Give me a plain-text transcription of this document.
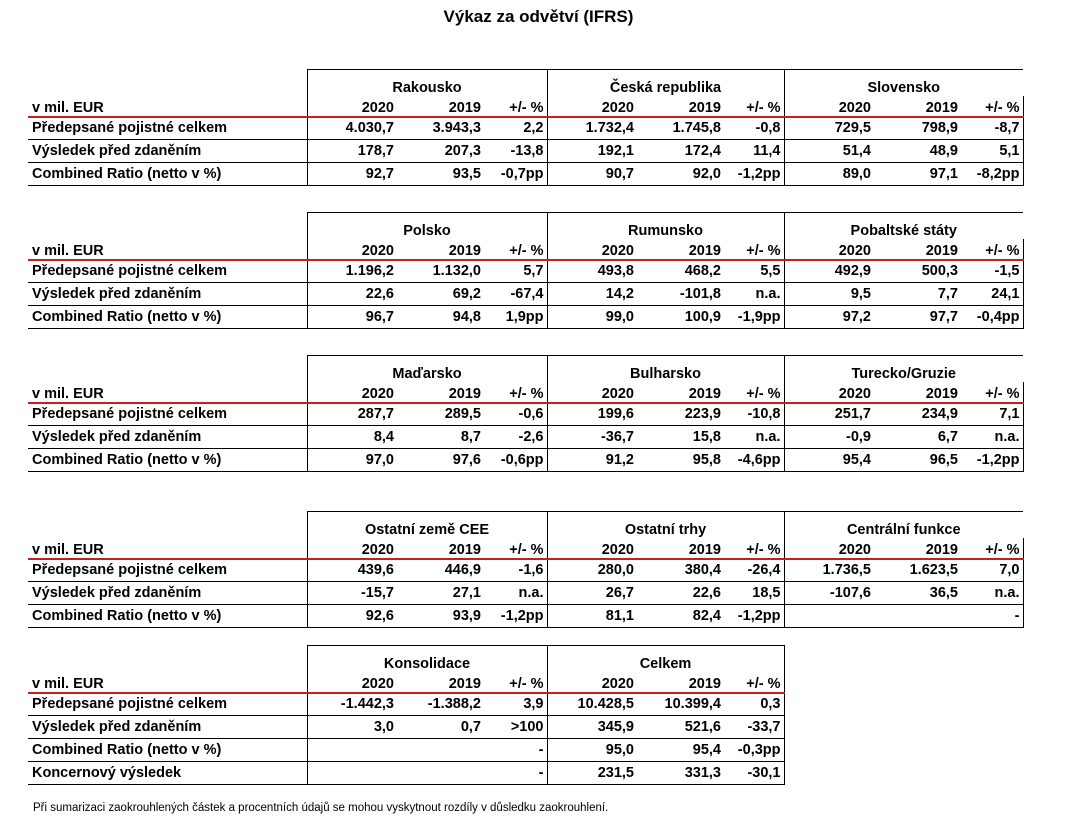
Výkaz za odvětví (IFRS)
	Rakousko			Česká republika			Slovensko		
v mil. EUR	2020	2019	+/- %	2020	2019	+/- %	2020	2019	+/- %
Předepsané pojistné celkem	4.030,7	3.943,3	2,2	1.732,4	1.745,8	-0,8	729,5	798,9	-8,7
Výsledek před zdaněním	178,7	207,3	-13,8	192,1	172,4	11,4	51,4	48,9	5,1
Combined Ratio (netto v %)	92,7	93,5	-0,7pp	90,7	92,0	-1,2pp	89,0	97,1	-8,2pp
	Polsko			Rumunsko			Pobaltské státy		
v mil. EUR	2020	2019	+/- %	2020	2019	+/- %	2020	2019	+/- %
Předepsané pojistné celkem	1.196,2	1.132,0	5,7	493,8	468,2	5,5	492,9	500,3	-1,5
Výsledek před zdaněním	22,6	69,2	-67,4	14,2	-101,8	n.a.	9,5	7,7	24,1
Combined Ratio (netto v %)	96,7	94,8	1,9pp	99,0	100,9	-1,9pp	97,2	97,7	-0,4pp
	Maďarsko			Bulharsko			Turecko/Gruzie		
v mil. EUR	2020	2019	+/- %	2020	2019	+/- %	2020	2019	+/- %
Předepsané pojistné celkem	287,7	289,5	-0,6	199,6	223,9	-10,8	251,7	234,9	7,1
Výsledek před zdaněním	8,4	8,7	-2,6	-36,7	15,8	n.a.	-0,9	6,7	n.a.
Combined Ratio (netto v %)	97,0	97,6	-0,6pp	91,2	95,8	-4,6pp	95,4	96,5	-1,2pp
	Ostatní země CEE			Ostatní trhy			Centrální funkce		
v mil. EUR	2020	2019	+/- %	2020	2019	+/- %	2020	2019	+/- %
Předepsané pojistné celkem	439,6	446,9	-1,6	280,0	380,4	-26,4	1.736,5	1.623,5	7,0
Výsledek před zdaněním	-15,7	27,1	n.a.	26,7	22,6	18,5	-107,6	36,5	n.a.
Combined Ratio (netto v %)	92,6	93,9	-1,2pp	81,1	82,4	-1,2pp			-
	Konsolidace			Celkem		
v mil. EUR	2020	2019	+/- %	2020	2019	+/- %
Předepsané pojistné celkem	-1.442,3	-1.388,2	3,9	10.428,5	10.399,4	0,3
Výsledek před zdaněním	3,0	0,7	>100	345,9	521,6	-33,7
Combined Ratio (netto v %)			-	95,0	95,4	-0,3pp
Koncernový výsledek			-	231,5	331,3	-30,1
Při sumarizaci zaokrouhlených částek a procentních údajů se mohou vyskytnout rozdíly v důsledku zaokrouhlení.
